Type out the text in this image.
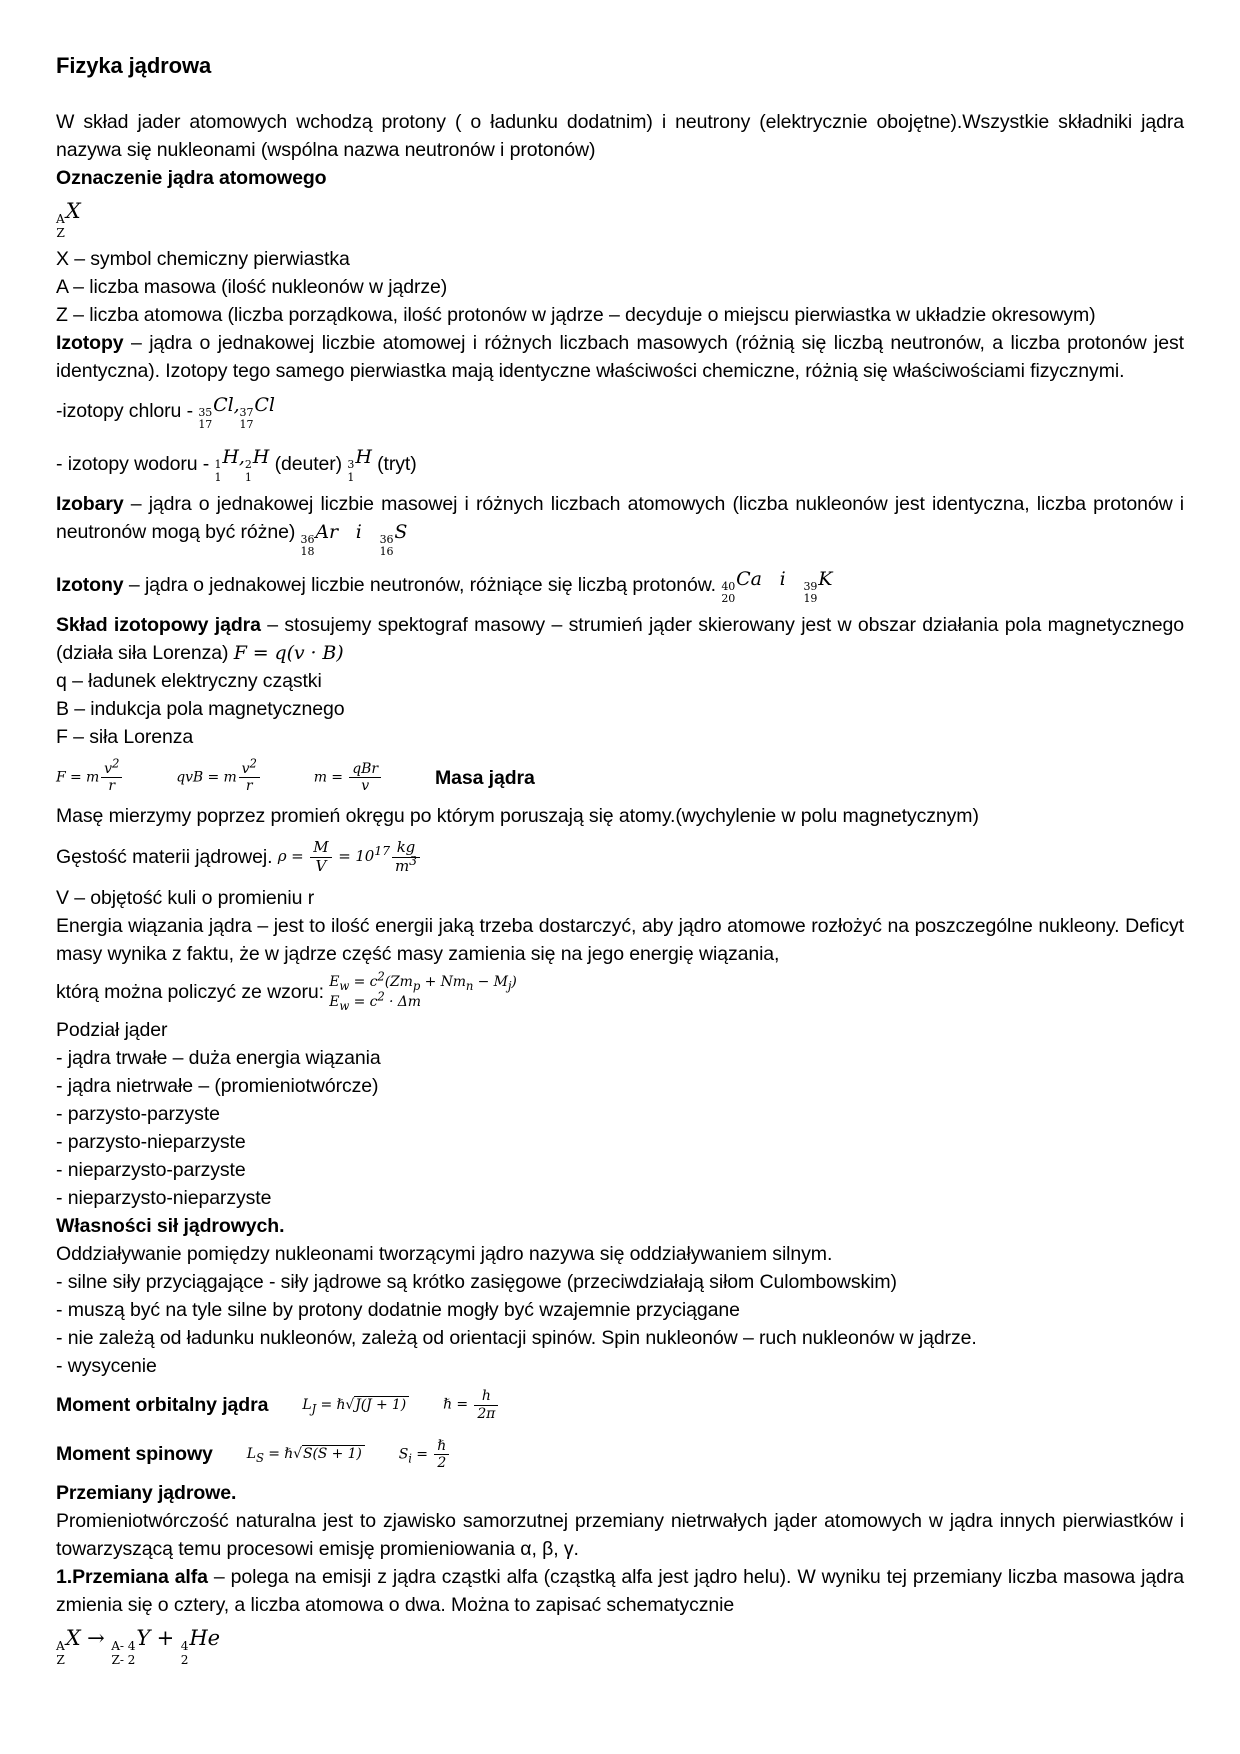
Fizyka jądrowa

W skład jader atomowych wchodzą protony ( o ładunku dodatnim) i neutrony (elektrycznie obojętne).Wszystkie składniki jądra nazywa się nukleonami (wspólna nazwa neutronów i protonów)

Oznaczenie jądra atomowego
A
Z
X
X – symbol chemiczny pierwiastka
A – liczba masowa (ilość nukleonów w jądrze)
Z – liczba atomowa (liczba porządkowa, ilość protonów w jądrze – decyduje o miejscu pierwiastka w układzie okresowym)

Izotopy – jądra o jednakowej liczbie atomowej i różnych liczbach masowych (różnią się liczbą neutronów, a liczba protonów jest identyczna). Izotopy tego samego pierwiastka mają identyczne właściwości chemiczne, różnią się właściwościami fizycznymi.

-izotopy chloru - 35
17
Cl, 37
17
Cl
- izotopy wodoru - 1
1
H, 2
1
H (deuter) 3
1
H (tryt)

Izobary – jądra o jednakowej liczbie masowej i różnych liczbach atomowych (liczba nukleonów jest identyczna, liczba protonów i neutronów mogą być różne) 36
18
Ar   i 36
16
S

Izotony – jądra o jednakowej liczbie neutronów, różniące się liczbą protonów. 40
20
Ca   i 39
19
K

Skład izotopowy jądra – stosujemy spektograf masowy – strumień jąder skierowany jest w obszar działania pola magnetycznego (działa siła Lorenza) F = q(v · B)

q – ładunek elektryczny cząstki
B – indukcja pola magnetycznego
F – siła Lorenza
F = m $\frac{v^2}{r}$	qvB = m $\frac{v^2}{r}$	$m = \frac{\text{qBr}}{v}$	Masa jądra
Masę mierzymy poprzez promień okręgu po którym poruszają się atomy.(wychylenie w polu magnetycznym)
Gęstość materii jądrowej. $\rho = \frac{M}{V} = 10^{17} \frac{kg}{m^3}$
V – objętość kuli o promieniu r

Energia wiązania jądra – jest to ilość energii jaką trzeba dostarczyć, aby jądro atomowe rozłożyć na poszczególne nukleony. Deficyt masy wynika z faktu, że w jądrze część masy zamienia się na jego energię wiązania,

którą można policzyć ze wzoru: $E_w = c^2(Zm_p + Nm_n - M_j)$
$E_w = c^2 \cdot \Delta m$
Podział jąder
- jądra trwałe – duża energia wiązania
- jądra nietrwałe – (promieniotwórcze)
- parzysto-parzyste
- parzysto-nieparzyste
- nieparzysto-parzyste
- nieparzysto-nieparzyste
Własności sił jądrowych.
Oddziaływanie pomiędzy nukleonami tworzącymi jądro nazywa się oddziaływaniem silnym.
- silne siły przyciągające - siły jądrowe są krótko zasięgowe (przeciwdziałają siłom Culombowskim)
- muszą być na tyle silne by protony dodatnie mogły być wzajemnie przyciągane
- nie zależą od ładunku nukleonów, zależą od orientacji spinów. Spin nukleonów – ruch nukleonów w jądrze.
- wysycenie
Moment orbitalny jądra $L_J$ = ℏ√J(J + 1)	ℏ = $\frac{h}{2\pi}$
Moment spinowy $L_S$ = ℏ√S(S + 1)	$S_i = \frac{\text{ℏ}}{2}$
Przemiany jądrowe.

Promieniotwórczość naturalna jest to zjawisko samorzutnej przemiany nietrwałych jąder atomowych w jądra innych pierwiastków i towarzyszącą temu procesowi emisję promieniowania α, β, γ.

1.Przemiana alfa – polega na emisji z jądra cząstki alfa (cząstką alfa jest jądro helu). W wyniku tej przemiany liczba masowa jądra zmienia się o cztery, a liczba atomowa o dwa. Można to zapisać schematycznie

A
Z
X → A- 4
Z- 2
Y + 4
2
He
